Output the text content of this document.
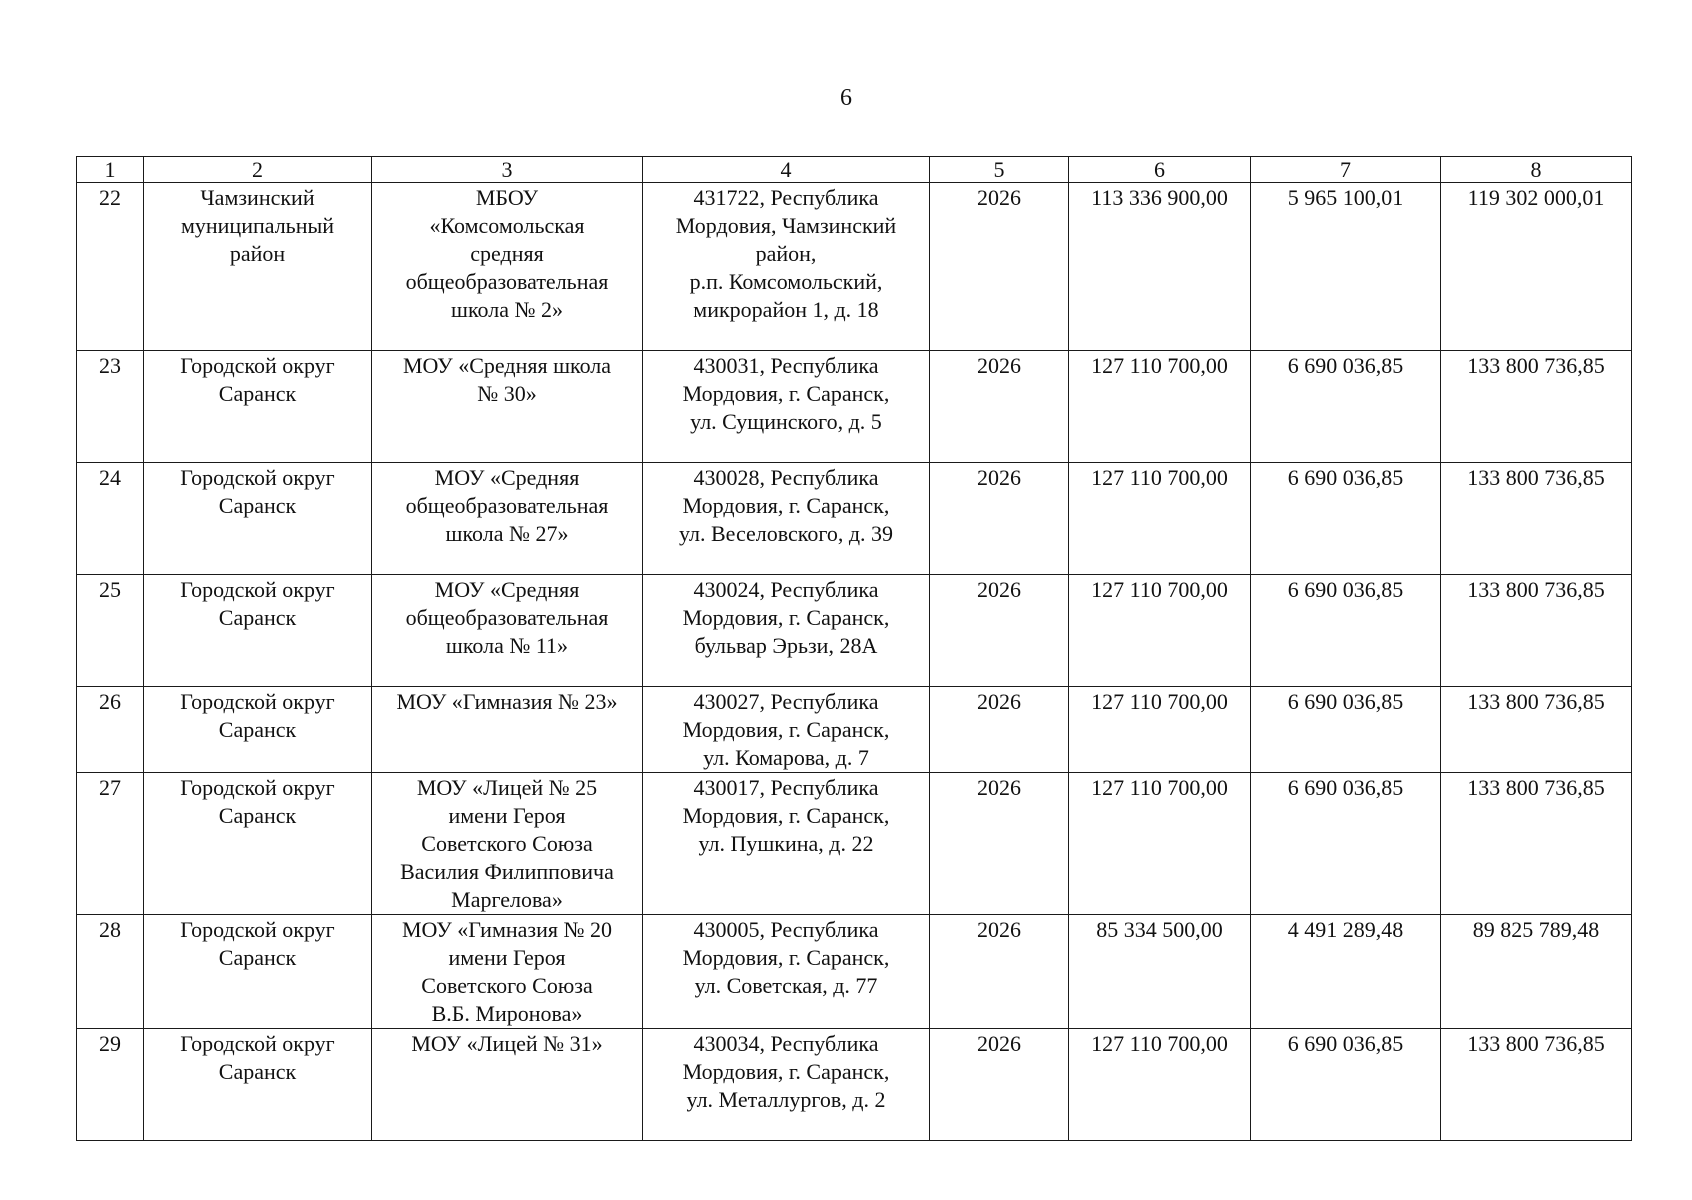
6
1	2	3	4	5	6	7	8
22	Чамзинский
муниципальный
район	МБОУ
«Комсомольская
средняя
общеобразовательная
школа № 2»	431722, Республика
Мордовия, Чамзинский
район,
р.п. Комсомольский,
микрорайон 1, д. 18	2026	113 336 900,00	5 965 100,01	119 302 000,01
23	Городской округ
Саранск	МОУ «Средняя школа
№ 30»	430031, Республика
Мордовия, г. Саранск,
ул. Сущинского, д. 5	2026	127 110 700,00	6 690 036,85	133 800 736,85
24	Городской округ
Саранск	МОУ «Средняя
общеобразовательная
школа № 27»	430028, Республика
Мордовия, г. Саранск,
ул. Веселовского, д. 39	2026	127 110 700,00	6 690 036,85	133 800 736,85
25	Городской округ
Саранск	МОУ «Средняя
общеобразовательная
школа № 11»	430024, Республика
Мордовия, г. Саранск,
бульвар Эрьзи, 28А	2026	127 110 700,00	6 690 036,85	133 800 736,85
26	Городской округ
Саранск	МОУ «Гимназия № 23»	430027, Республика
Мордовия, г. Саранск,
ул. Комарова, д. 7	2026	127 110 700,00	6 690 036,85	133 800 736,85
27	Городской округ
Саранск	МОУ «Лицей № 25
имени Героя
Советского Союза
Василия Филипповича
Маргелова»	430017, Республика
Мордовия, г. Саранск,
ул. Пушкина, д. 22	2026	127 110 700,00	6 690 036,85	133 800 736,85
28	Городской округ
Саранск	МОУ «Гимназия № 20
имени Героя
Советского Союза
В.Б. Миронова»	430005, Республика
Мордовия, г. Саранск,
ул. Советская, д. 77	2026	85 334 500,00	4 491 289,48	89 825 789,48
29	Городской округ
Саранск	МОУ «Лицей № 31»	430034, Республика
Мордовия, г. Саранск,
ул. Металлургов, д. 2	2026	127 110 700,00	6 690 036,85	133 800 736,85
